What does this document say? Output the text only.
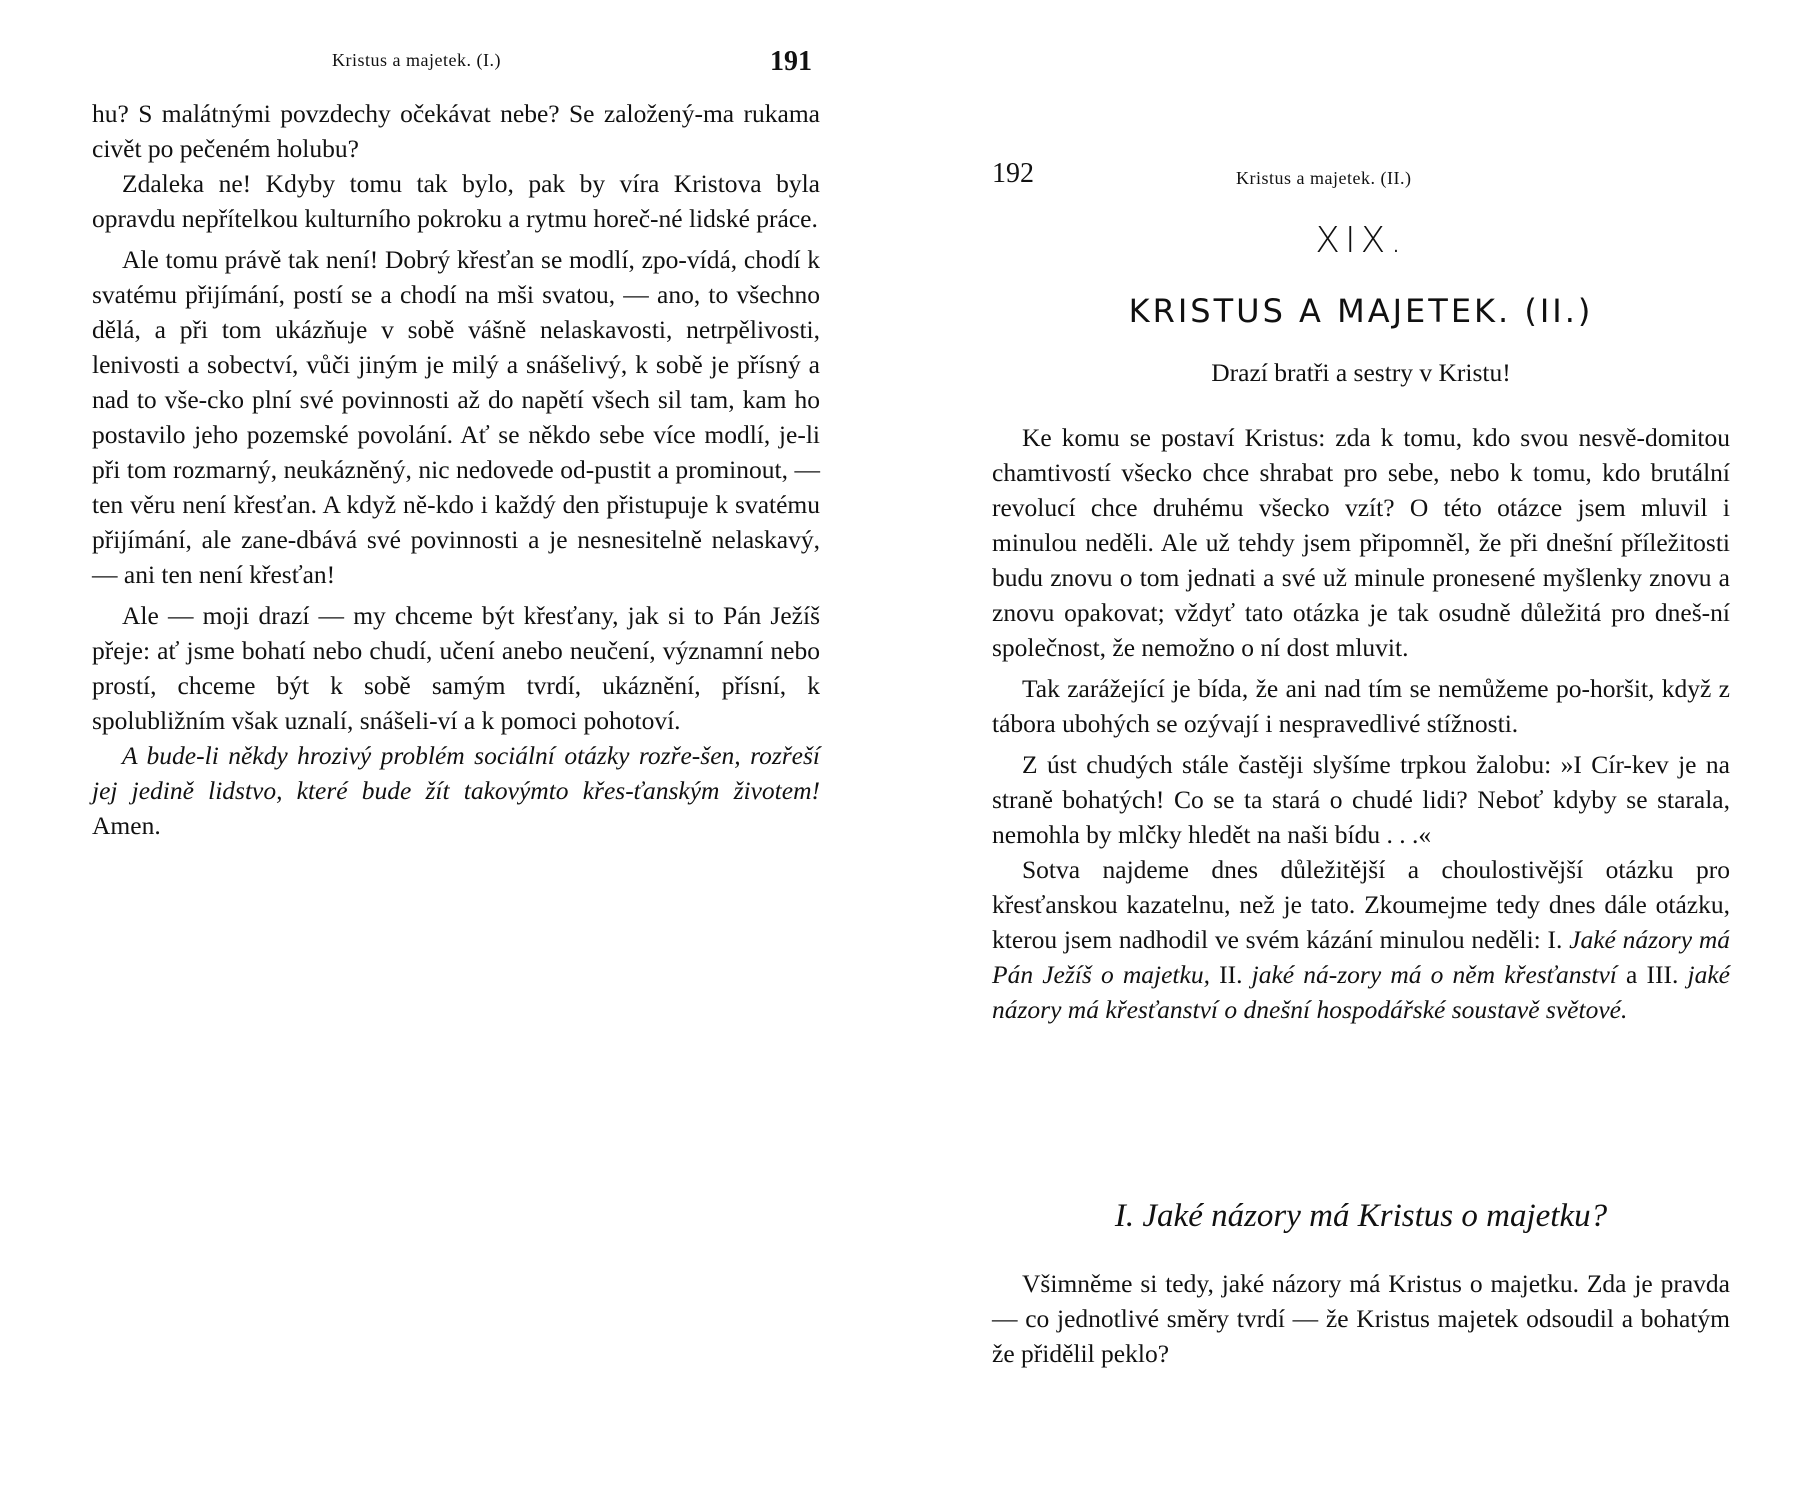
Kristus a majetek. (I.)	191

hu? S malátnými povzdechy očekávat nebe? Se založený-ma rukama civět po pečeném holubu?

Zdaleka ne! Kdyby tomu tak bylo, pak by víra Kristova byla opravdu nepřítelkou kulturního pokroku a rytmu horeč-né lidské práce.

Ale tomu právě tak není! Dobrý křesťan se modlí, zpo-vídá, chodí k svatému přijímání, postí se a chodí na mši svatou, — ano, to všechno dělá, a při tom ukázňuje v sobě vášně nelaskavosti, netrpělivosti, lenivosti a sobectví, vůči jiným je milý a snášelivý, k sobě je přísný a nad to vše-cko plní své povinnosti až do napětí všech sil tam, kam ho postavilo jeho pozemské povolání. Ať se někdo sebe více modlí, je-li při tom rozmarný, neukázněný, nic nedovede od-pustit a prominout, — ten věru není křesťan. A když ně-kdo i každý den přistupuje k svatému přijímání, ale zane-dbává své povinnosti a je nesnesitelně nelaskavý, — ani ten není křesťan!

Ale — moji drazí — my chceme být křesťany, jak si to Pán Ježíš přeje: ať jsme bohatí nebo chudí, učení anebo neučení, významní nebo prostí, chceme být k sobě samým tvrdí, ukáznění, přísní, k spolubližním však uznalí, snášeli-ví a k pomoci pohotoví.

A bude-li někdy hrozivý problém sociální otázky rozře-šen, rozřeší jej jedině lidstvo, které bude žít takovýmto křes-ťanským životem! Amen.

192	Kristus a majetek. (II.)
XIX.
KRISTUS A MAJETEK. (II.)
Drazí bratři a sestry v Kristu!

Ke komu se postaví Kristus: zda k tomu, kdo svou nesvě-domitou chamtivostí všecko chce shrabat pro sebe, nebo k tomu, kdo brutální revolucí chce druhému všecko vzít? O této otázce jsem mluvil i minulou neděli. Ale už tehdy jsem připomněl, že při dnešní příležitosti budu znovu o tom jednati a své už minule pronesené myšlenky znovu a znovu opakovat; vždyť tato otázka je tak osudně důležitá pro dneš-ní společnost, že nemožno o ní dost mluvit.

Tak zarážející je bída, že ani nad tím se nemůžeme po-horšit, když z tábora ubohých se ozývají i nespravedlivé stížnosti.

Z úst chudých stále častěji slyšíme trpkou žalobu: »I Cír-kev je na straně bohatých! Co se ta stará o chudé lidi? Neboť kdyby se starala, nemohla by mlčky hledět na naši bídu . . .«

Sotva najdeme dnes důležitější a choulostivější otázku pro křesťanskou kazatelnu, než je tato. Zkoumejme tedy dnes dále otázku, kterou jsem nadhodil ve svém kázání minulou neděli: I. Jaké názory má Pán Ježíš o majetku, II. jaké ná-zory má o něm křesťanství a III. jaké názory má křesťanství o dnešní hospodářské soustavě světové.

I. Jaké názory má Kristus o majetku?

Všimněme si tedy, jaké názory má Kristus o majetku. Zda je pravda — co jednotlivé směry tvrdí — že Kristus majetek odsoudil a bohatým že přidělil peklo?
